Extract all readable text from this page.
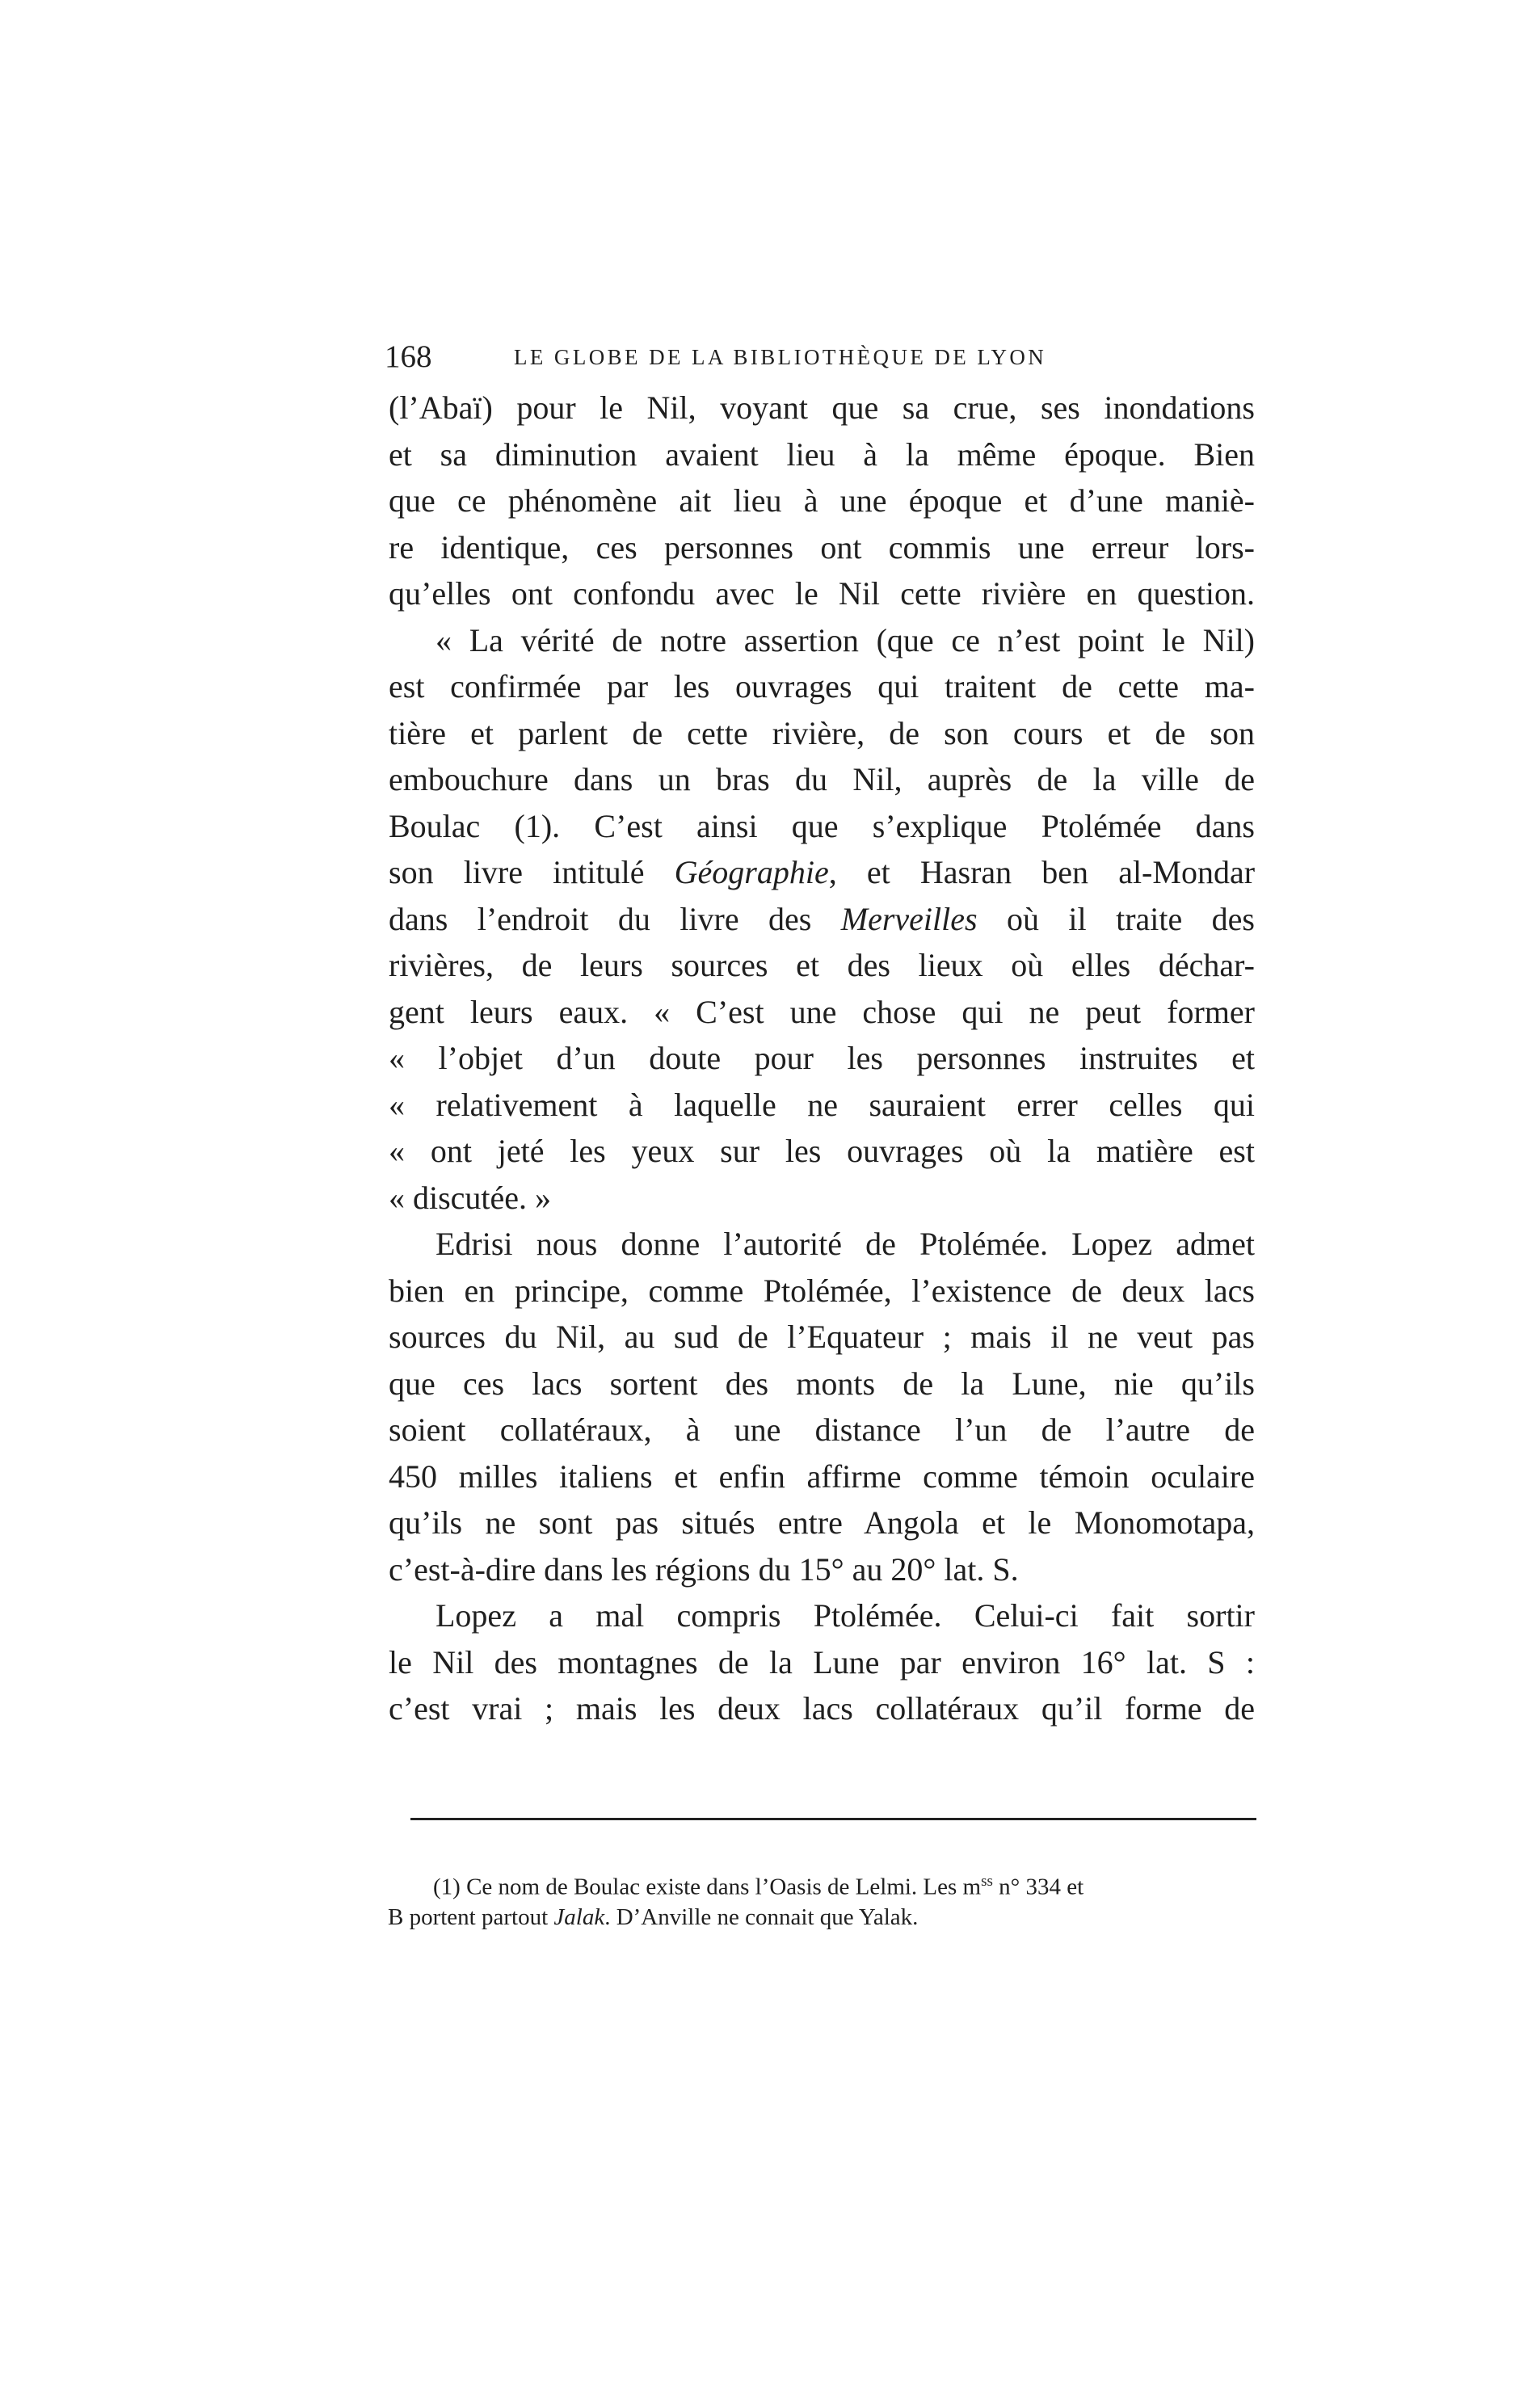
168	LE GLOBE DE LA BIBLIOTHÈQUE DE LYON
(l’Abaï) pour le Nil, voyant que sa crue, ses inondations
et sa diminution avaient lieu à la même époque. Bien
que ce phénomène ait lieu à une époque et d’une maniè-
re identique, ces personnes ont commis une erreur lors-
qu’elles ont confondu avec le Nil cette rivière en question.
« La vérité de notre assertion (que ce n’est point le Nil)
est confirmée par les ouvrages qui traitent de cette ma-
tière et parlent de cette rivière, de son cours et de son
embouchure dans un bras du Nil, auprès de la ville de
Boulac (1). C’est ainsi que s’explique Ptolémée dans
son livre intitulé Géographie, et Hasran ben al-Mondar
dans l’endroit du livre des Merveilles où il traite des
rivières, de leurs sources et des lieux où elles déchar-
gent leurs eaux. « C’est une chose qui ne peut former
« l’objet d’un doute pour les personnes instruites et
« relativement à laquelle ne sauraient errer celles qui
« ont jeté les yeux sur les ouvrages où la matière est
« discutée. »
Edrisi nous donne l’autorité de Ptolémée. Lopez admet
bien en principe, comme Ptolémée, l’existence de deux lacs
sources du Nil, au sud de l’Equateur ; mais il ne veut pas
que ces lacs sortent des monts de la Lune, nie qu’ils
soient collatéraux, à une distance l’un de l’autre de
450 milles italiens et enfin affirme comme témoin oculaire
qu’ils ne sont pas situés entre Angola et le Monomotapa,
c’est-à-dire dans les régions du 15° au 20° lat. S.
Lopez a mal compris Ptolémée. Celui-ci fait sortir
le Nil des montagnes de la Lune par environ 16° lat. S :
c’est vrai ; mais les deux lacs collatéraux qu’il forme de
(1) Ce nom de Boulac existe dans l’Oasis de Lelmi. Les $m^{ss}$ n° 334 et
B portent partout Jalak. D’Anville ne connait que Yalak.
